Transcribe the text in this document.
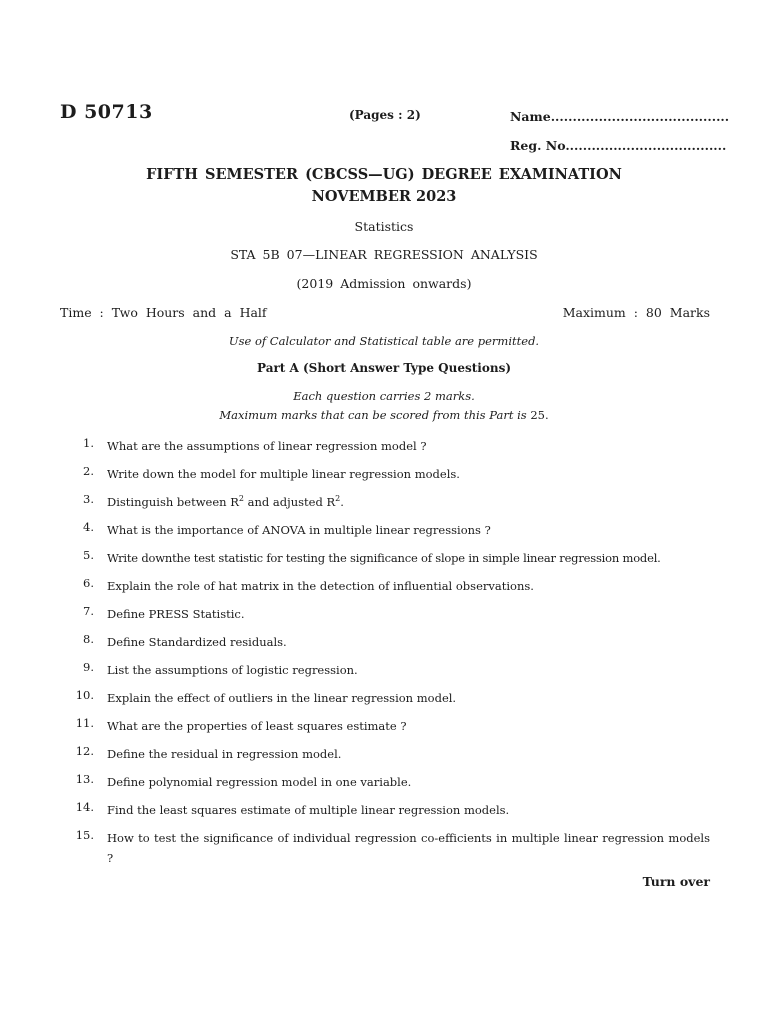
D 50713	(Pages : 2)	Name.........................................
Reg. No.....................................
FIFTH SEMESTER (CBCSS—UG) DEGREE EXAMINATION
NOVEMBER 2023
Statistics
STA 5B 07—LINEAR REGRESSION ANALYSIS
(2019 Admission onwards)
Time : Two Hours and a Half	Maximum : 80 Marks
Use of Calculator and Statistical table are permitted.
Part A (Short Answer Type Questions)
Each question carries 2 marks.
Maximum marks that can be scored from this Part is 25.
1. What are the assumptions of linear regression model ?
2. Write down the model for multiple linear regression models.
3. Distinguish between $R^2$ and adjusted $R^2$.
4. What is the importance of ANOVA in multiple linear regressions ?
5. Write downthe test statistic for testing the significance of slope in simple linear regression model.
6. Explain the role of hat matrix in the detection of influential observations.
7. Define PRESS Statistic.
8. Define Standardized residuals.
9. List the assumptions of logistic regression.
10. Explain the effect of outliers in the linear regression model.
11. What are the properties of least squares estimate ?
12. Define the residual in regression model.
13. Define polynomial regression model in one variable.
14. Find the least squares estimate of multiple linear regression models.
15. How to test the significance of individual regression co-efficients in multiple linear regression models ?
Turn over
